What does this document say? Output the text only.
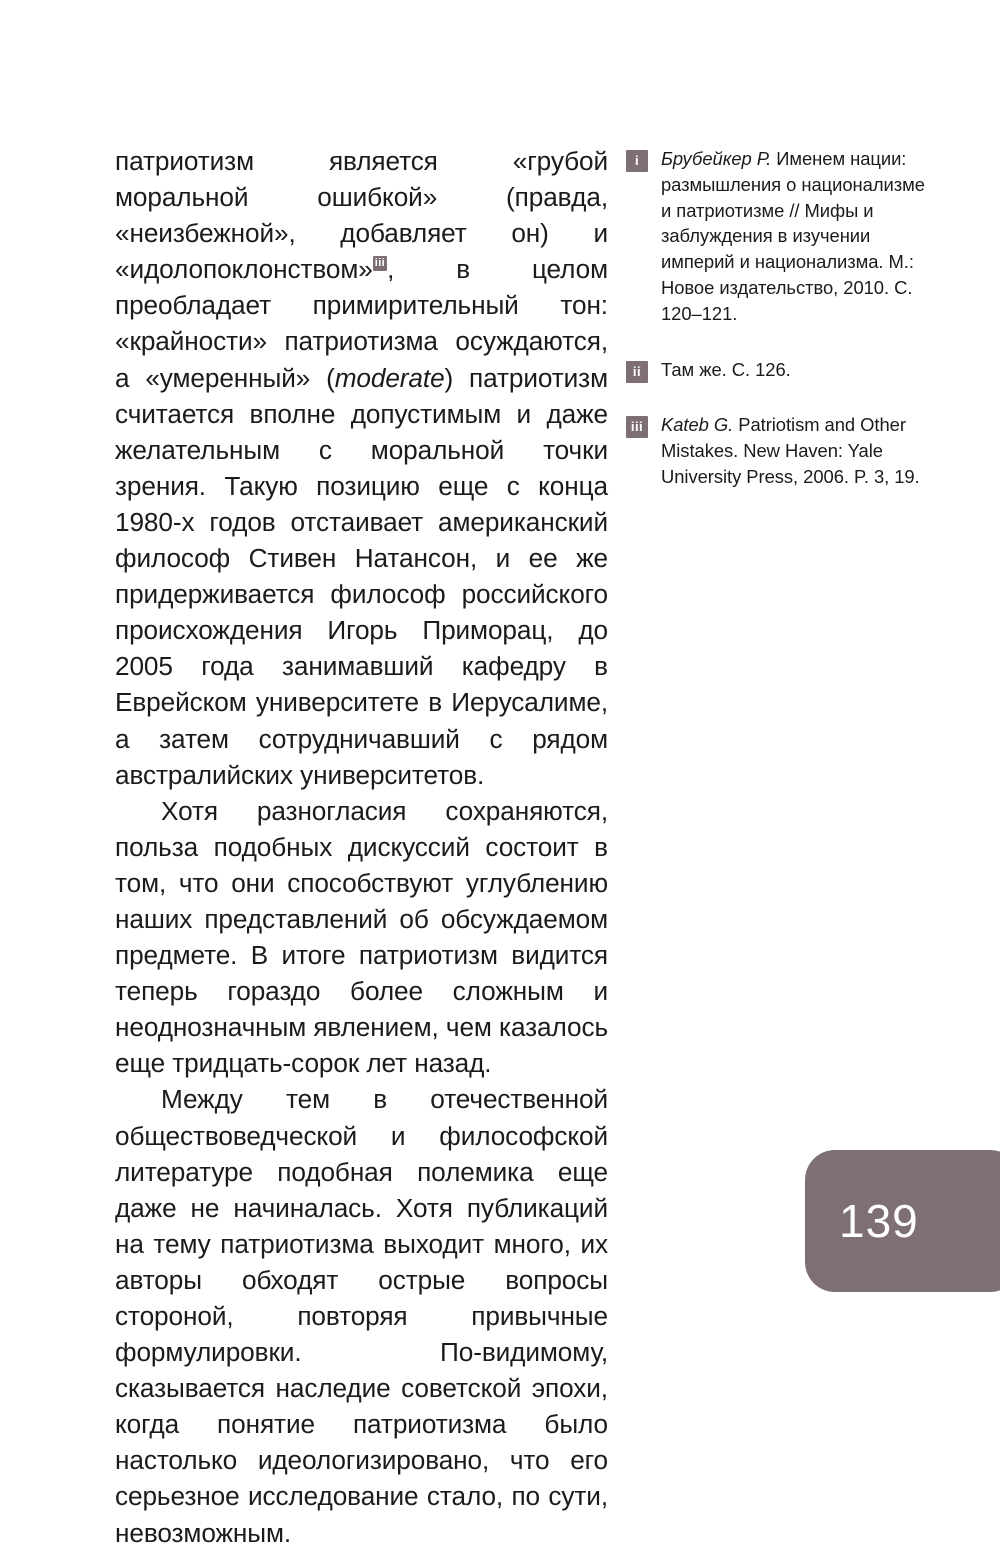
патриотизм является «грубой моральной ошибкой» (правда, «неизбежной», добавляет он) и «идолопоклонством» $^{iii}$, в целом преобладает примирительный тон: «крайности» патриотизма осуждаются, а «умеренный» (moderate) патриотизм считается вполне допустимым и даже желательным с моральной точки зрения. Такую позицию еще с конца 1980‑х годов отстаивает американский философ Стивен Натансон, и ее же придерживается философ российского происхождения Игорь Приморац, до 2005 года занимавший кафедру в Еврейском университете в Иерусалиме, а затем сотрудничавший с рядом австралийских университетов.

Хотя разногласия сохраняются, польза подобных дискуссий состоит в том, что они способствуют углублению наших представлений об обсуждаемом предмете. В итоге патриотизм видится теперь гораздо более сложным и неоднозначным явлением, чем казалось еще тридцать-сорок лет назад.

Между тем в отечественной обществоведческой и философской литературе подобная полемика еще даже не начиналась. Хотя публикаций на тему патриотизма выходит много, их авторы обходят острые вопросы стороной, повторяя привычные формулировки. По-видимому, сказывается наследие советской эпохи, когда понятие патриотизма было настолько идеологизировано, что его серьезное исследование стало, по сути, невозможным.

i	Брубейкер Р. Именем нации: размышления о национализме и патриотизме // Мифы и заблуждения в изучении империй и национализма. М.: Новое издательство, 2010. С. 120–121.

ii	Там же. С. 126.

iii Kateb G. Patriotism and Other Mistakes. New Haven: Yale University Press, 2006. P. 3, 19.

139
